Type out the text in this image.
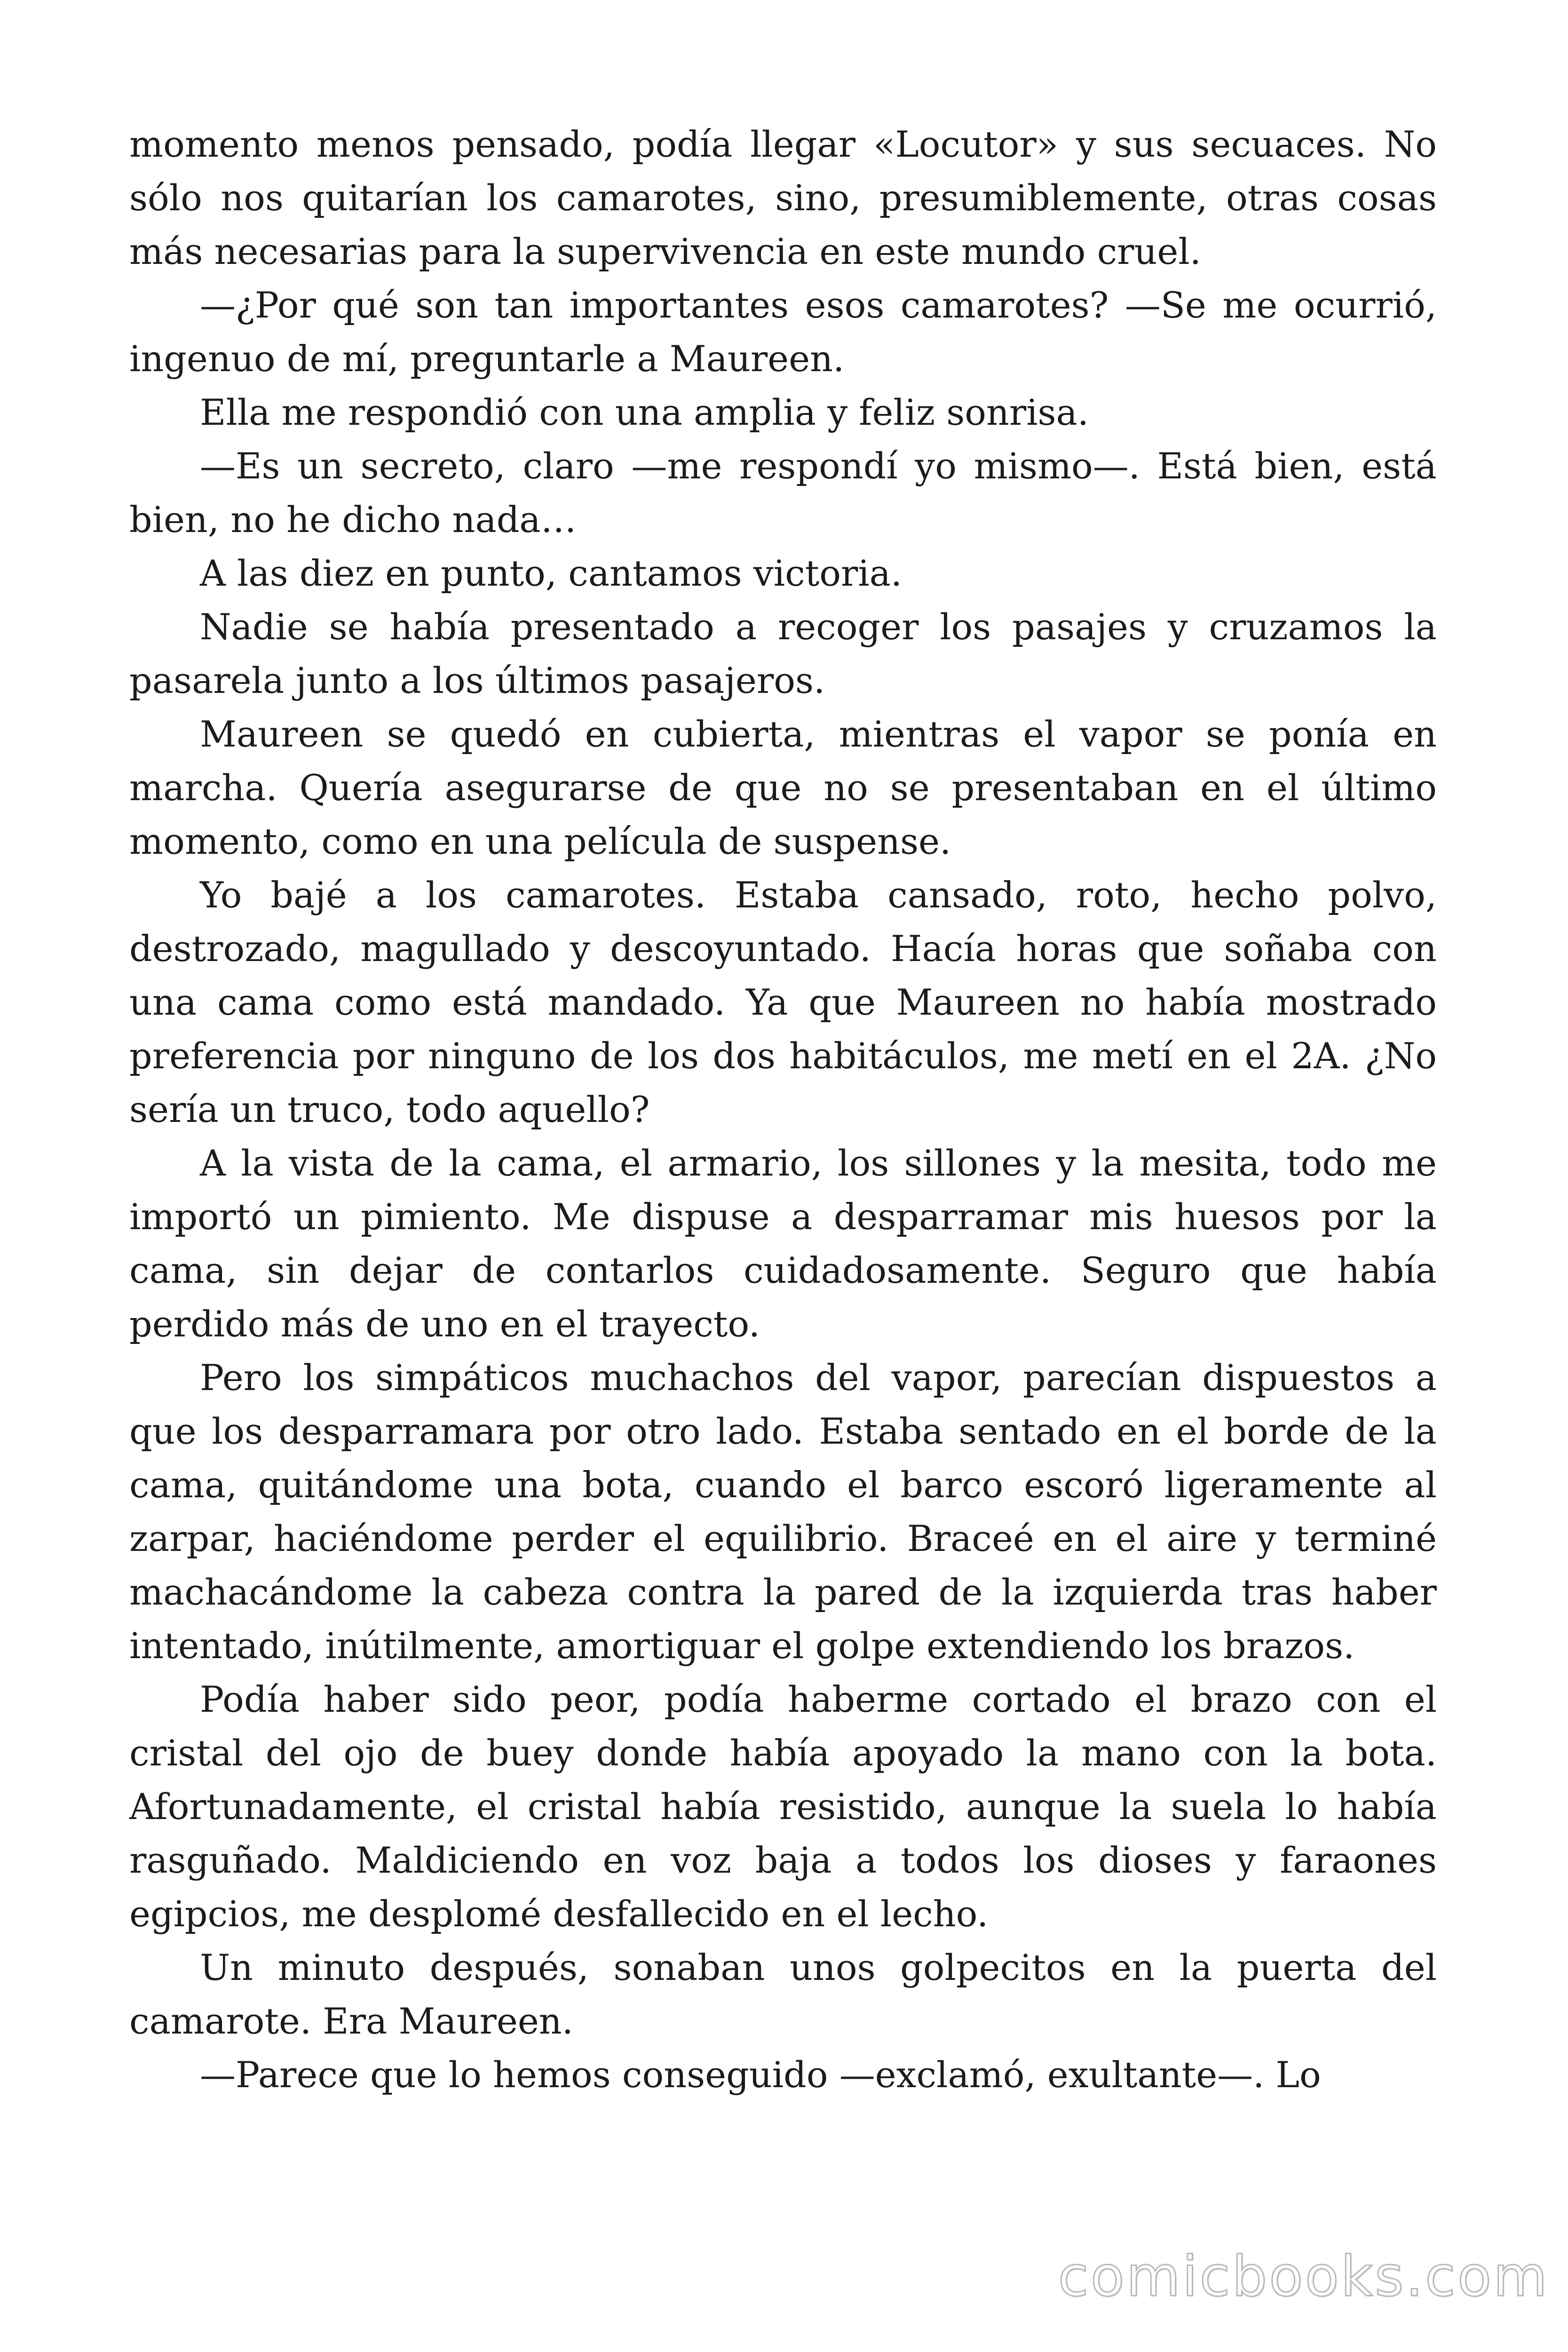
momento menos pensado, podía llegar «Locutor» y sus secuaces. No sólo nos quitarían los camarotes, sino, presumiblemente, otras cosas más necesarias para la supervivencia en este mundo cruel.

—¿Por qué son tan importantes esos camarotes? —Se me ocurrió, ingenuo de mí, preguntarle a Maureen.

Ella me respondió con una amplia y feliz sonrisa.

—Es un secreto, claro —me respondí yo mismo—. Está bien, está bien, no he dicho nada…

A las diez en punto, cantamos victoria.

Nadie se había presentado a recoger los pasajes y cruzamos la pasarela junto a los últimos pasajeros.

Maureen se quedó en cubierta, mientras el vapor se ponía en marcha. Quería asegurarse de que no se presentaban en el último momento, como en una película de suspense.

Yo bajé a los camarotes. Estaba cansado, roto, hecho polvo, destrozado, magullado y descoyuntado. Hacía horas que soñaba con una cama como está mandado. Ya que Maureen no había mostrado preferencia por ninguno de los dos habitáculos, me metí en el 2A. ¿No sería un truco, todo aquello?

A la vista de la cama, el armario, los sillones y la mesita, todo me importó un pimiento. Me dispuse a desparramar mis huesos por la cama, sin dejar de contarlos cuidadosamente. Seguro que había perdido más de uno en el trayecto.

Pero los simpáticos muchachos del vapor, parecían dispuestos a que los desparramara por otro lado. Estaba sentado en el borde de la cama, quitándome una bota, cuando el barco escoró ligeramente al zarpar, haciéndome perder el equilibrio. Braceé en el aire y terminé machacándome la cabeza contra la pared de la izquierda tras haber intentado, inútilmente, amortiguar el golpe extendiendo los brazos.

Podía haber sido peor, podía haberme cortado el brazo con el cristal del ojo de buey donde había apoyado la mano con la bota. Afortunadamente, el cristal había resistido, aunque la suela lo había rasguñado. Maldiciendo en voz baja a todos los dioses y faraones egipcios, me desplomé desfallecido en el lecho.

Un minuto después, sonaban unos golpecitos en la puerta del camarote. Era Maureen.

—Parece que lo hemos conseguido —exclamó, exultante—. Lo

comicbooks.com
